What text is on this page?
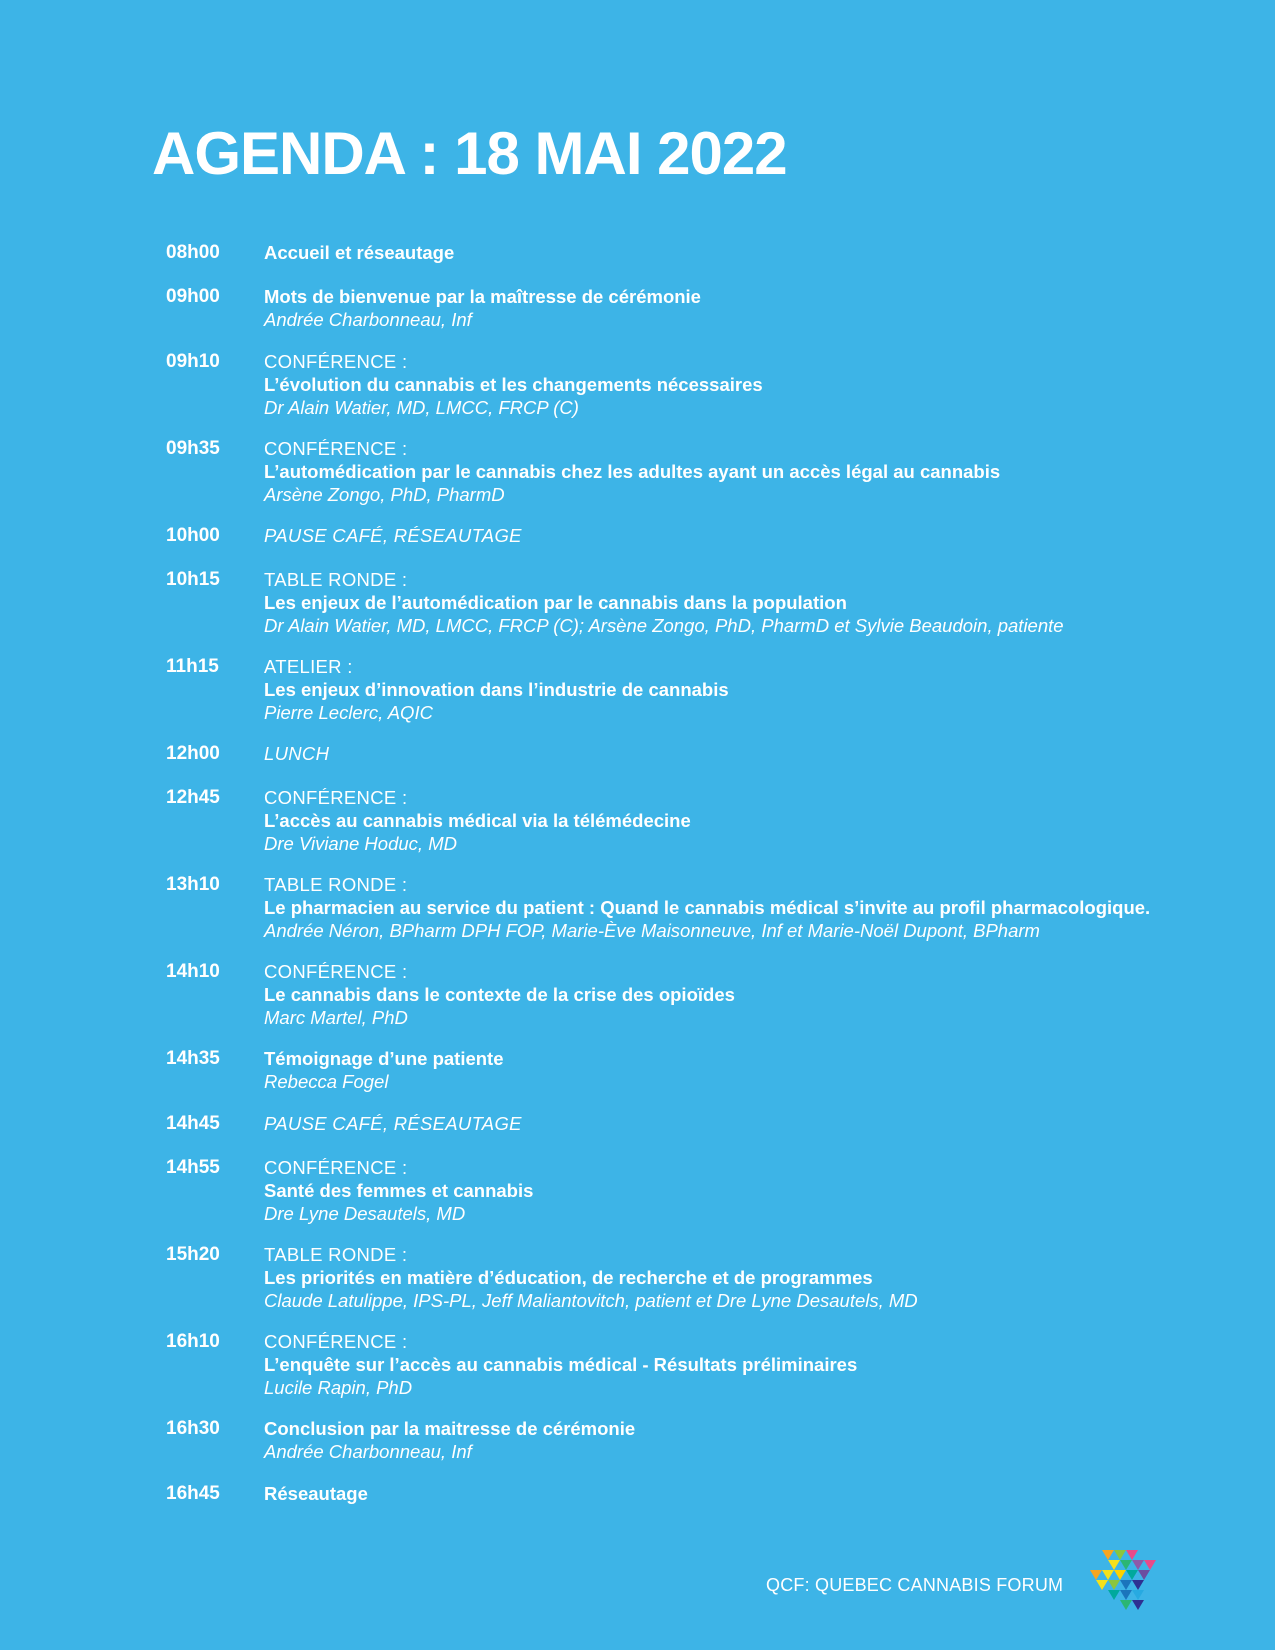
AGENDA : 18 MAI 2022
08h00	Accueil et réseautage
09h00	Mots de bienvenue par la maîtresse de cérémonie
Andrée Charbonneau, Inf
09h10	CONFÉRENCE :
L’évolution du cannabis et les changements nécessaires
Dr Alain Watier, MD, LMCC, FRCP (C)
09h35	CONFÉRENCE :
L’automédication par le cannabis chez les adultes ayant un accès légal au cannabis
Arsène Zongo, PhD, PharmD
10h00	PAUSE CAFÉ, RÉSEAUTAGE
10h15	TABLE RONDE :
Les enjeux de l’automédication par le cannabis dans la population
Dr Alain Watier, MD, LMCC, FRCP (C); Arsène Zongo, PhD, PharmD et Sylvie Beaudoin, patiente
11h15	ATELIER :
Les enjeux d’innovation dans l’industrie de cannabis
Pierre Leclerc, AQIC
12h00	LUNCH
12h45	CONFÉRENCE :
L’accès au cannabis médical via la télémédecine
Dre Viviane Hoduc, MD
13h10	TABLE RONDE :
Le pharmacien au service du patient : Quand le cannabis médical s’invite au profil pharmacologique.
Andrée Néron, BPharm DPH FOP, Marie-Ève Maisonneuve, Inf et Marie-Noël Dupont, BPharm
14h10	CONFÉRENCE :
Le cannabis dans le contexte de la crise des opioïdes
Marc Martel, PhD
14h35	Témoignage d’une patiente
Rebecca Fogel
14h45	PAUSE CAFÉ, RÉSEAUTAGE
14h55	CONFÉRENCE :
Santé des femmes et cannabis
Dre Lyne Desautels, MD
15h20	TABLE RONDE :
Les priorités en matière d’éducation, de recherche et de programmes
Claude Latulippe, IPS-PL, Jeff Maliantovitch, patient et Dre Lyne Desautels, MD
16h10	CONFÉRENCE :
L’enquête sur l’accès au cannabis médical - Résultats préliminaires
Lucile Rapin, PhD
16h30	Conclusion par la maitresse de cérémonie
Andrée Charbonneau, Inf
16h45	Réseautage
QCF: QUEBEC CANNABIS FORUM
